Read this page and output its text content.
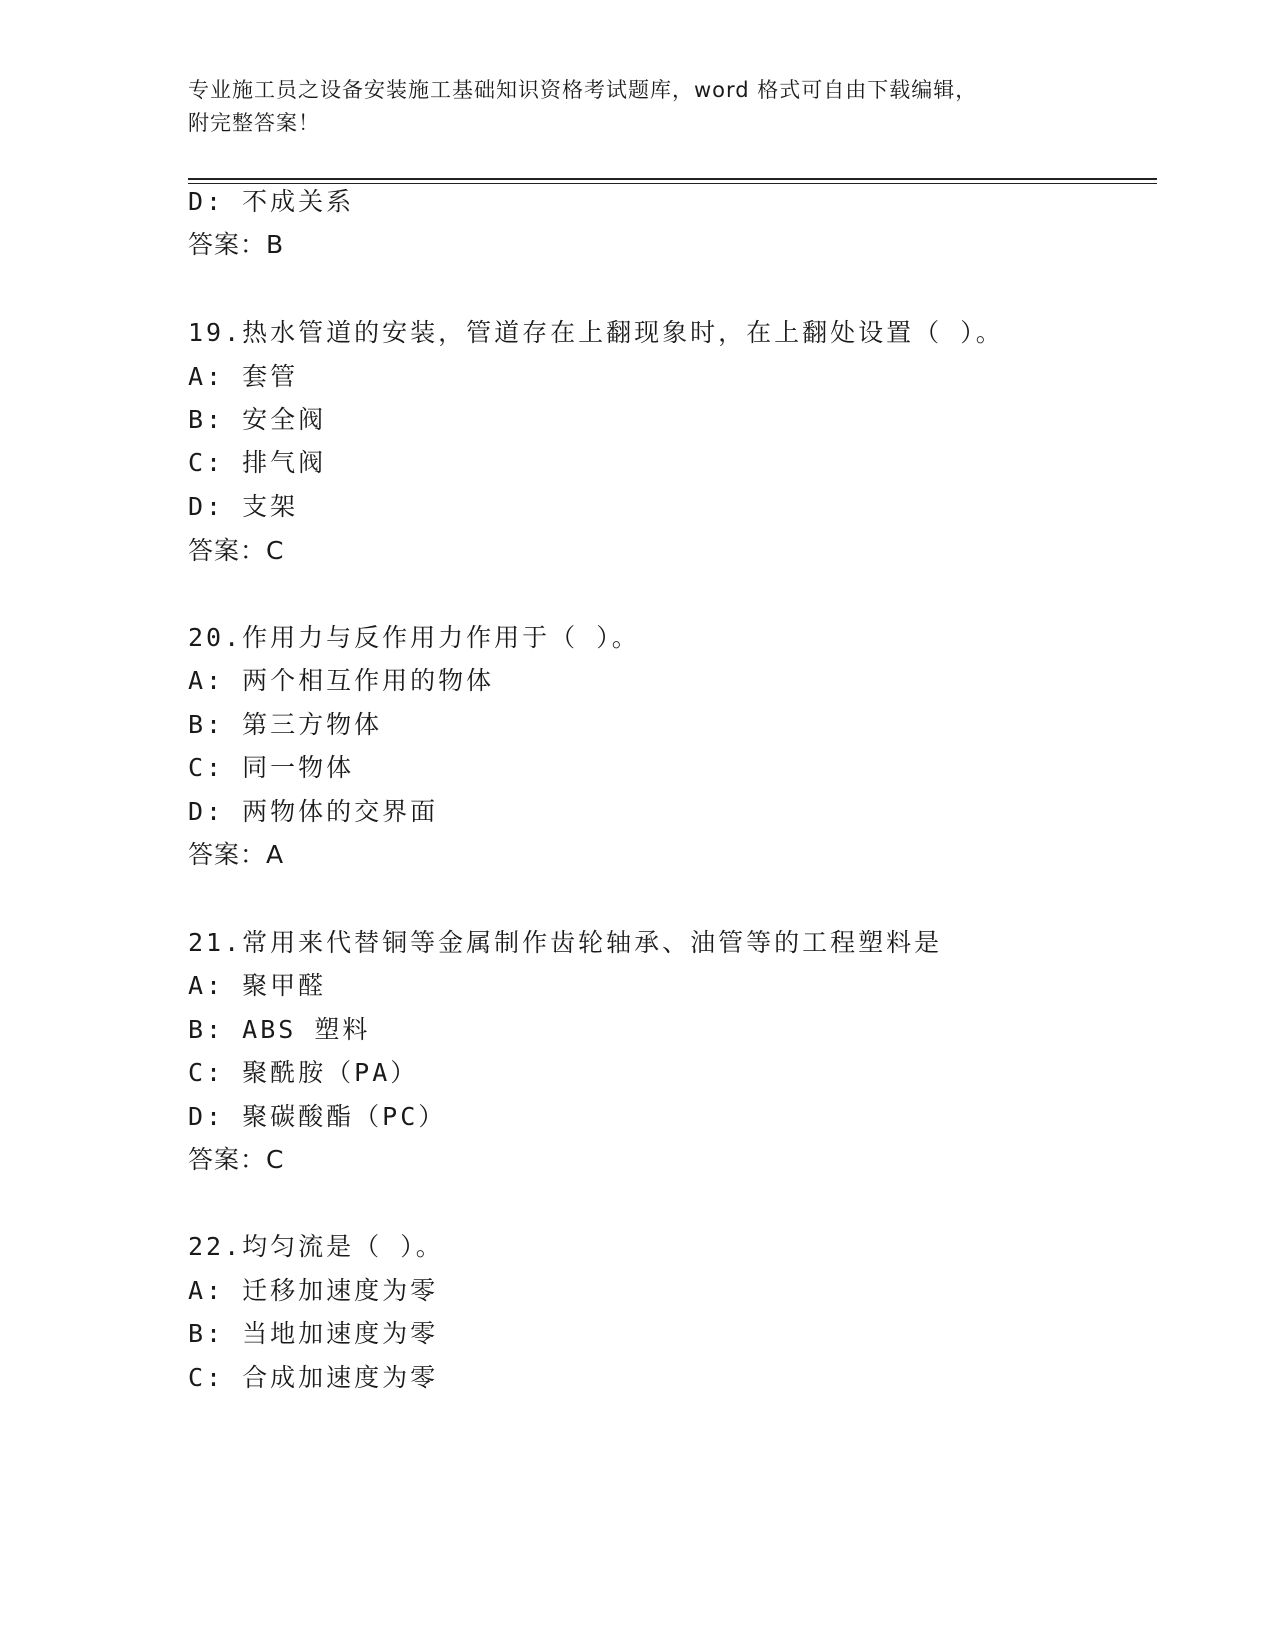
专业施工员之设备安装施工基础知识资格考试题库，word 格式可自由下载编辑，
附完整答案！
D: 不成关系
答案：B
19.热水管道的安装，管道存在上翻现象时，在上翻处设置（ ）。
A: 套管
B: 安全阀
C: 排气阀
D: 支架
答案：C
20.作用力与反作用力作用于（ ）。
A: 两个相互作用的物体
B: 第三方物体
C: 同一物体
D: 两物体的交界面
答案：A
21.常用来代替铜等金属制作齿轮轴承、油管等的工程塑料是
A: 聚甲醛
B: ABS 塑料
C: 聚酰胺（PA）
D: 聚碳酸酯（PC）
答案：C
22.均匀流是（ ）。
A: 迁移加速度为零
B: 当地加速度为零
C: 合成加速度为零
